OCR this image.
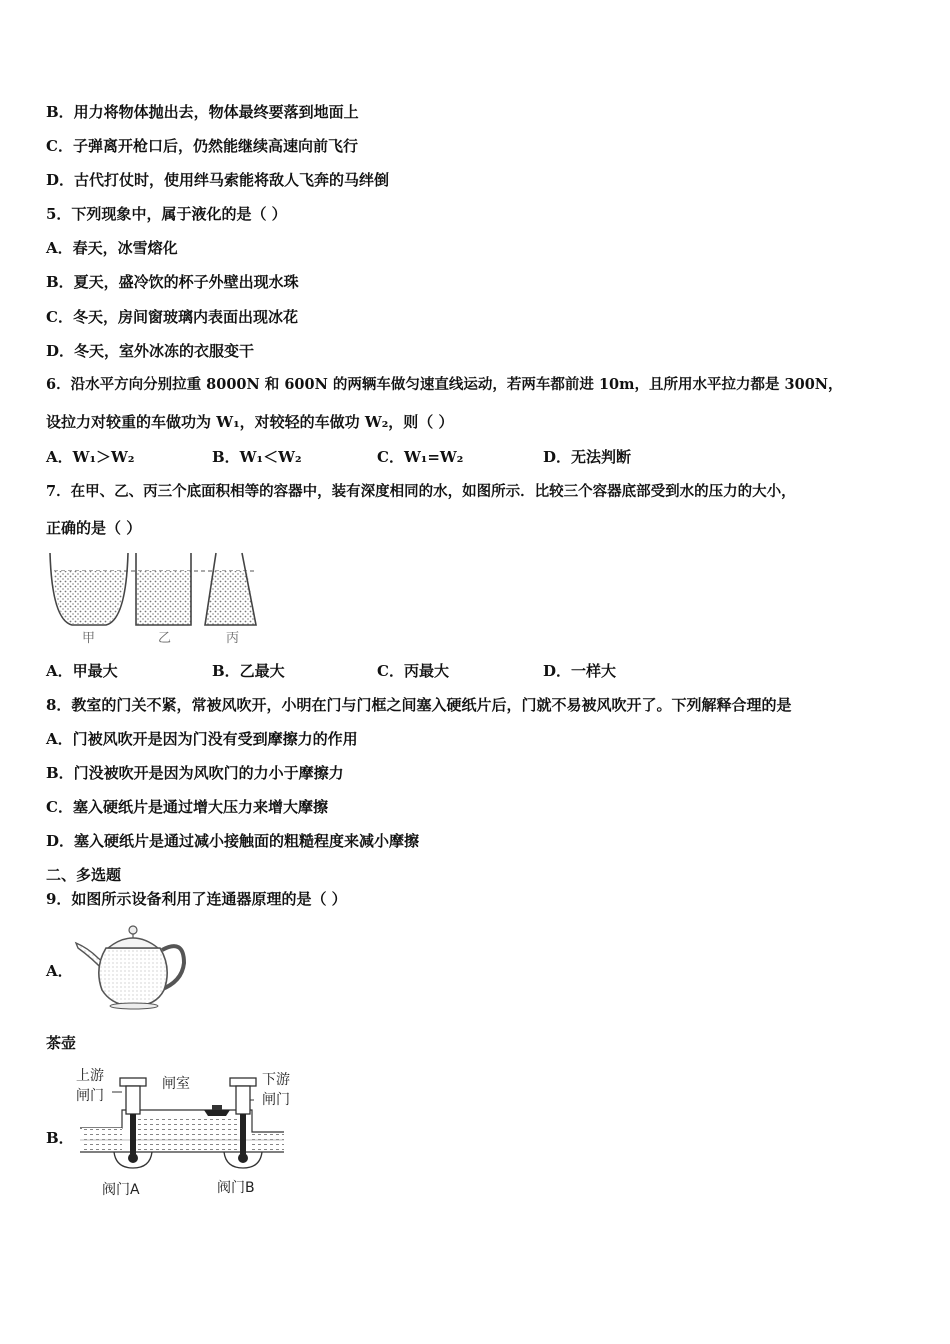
B．用力将物体抛出去，物体最终要落到地面上
C．子弹离开枪口后，仍然能继续高速向前飞行
D．古代打仗时，使用绊马索能将敌人飞奔的马绊倒
5．下列现象中，属于液化的是（ ）
A．春天，冰雪熔化
B．夏天，盛冷饮的杯子外壁出现水珠
C．冬天，房间窗玻璃内表面出现冰花
D．冬天，室外冰冻的衣服变干
6．沿水平方向分别拉重 8000N 和 600N 的两辆车做匀速直线运动，若两车都前进 10m，且所用水平拉力都是 300N，
设拉力对较重的车做功为 W₁，对较轻的车做功 W₂，则（ ）
A．W₁＞W₂	B．W₁＜W₂	C．W₁=W₂	D．无法判断
7．在甲、乙、丙三个底面积相等的容器中，装有深度相同的水，如图所示．比较三个容器底部受到水的压力的大小，
正确的是（ ）
甲	乙	丙
A．甲最大	B．乙最大	C．丙最大	D．一样大
8．教室的门关不紧，常被风吹开，小明在门与门框之间塞入硬纸片后，门就不易被风吹开了。下列解释合理的是
A．门被风吹开是因为门没有受到摩擦力的作用
B．门没被吹开是因为风吹门的力小于摩擦力
C．塞入硬纸片是通过增大压力来增大摩擦
D．塞入硬纸片是通过减小接触面的粗糙程度来减小摩擦
二、多选题
9．如图所示设备利用了连通器原理的是（ ）
A．
茶壶
B．
上游
闸门
闸室	下游
闸门
阀门A	阀门B
